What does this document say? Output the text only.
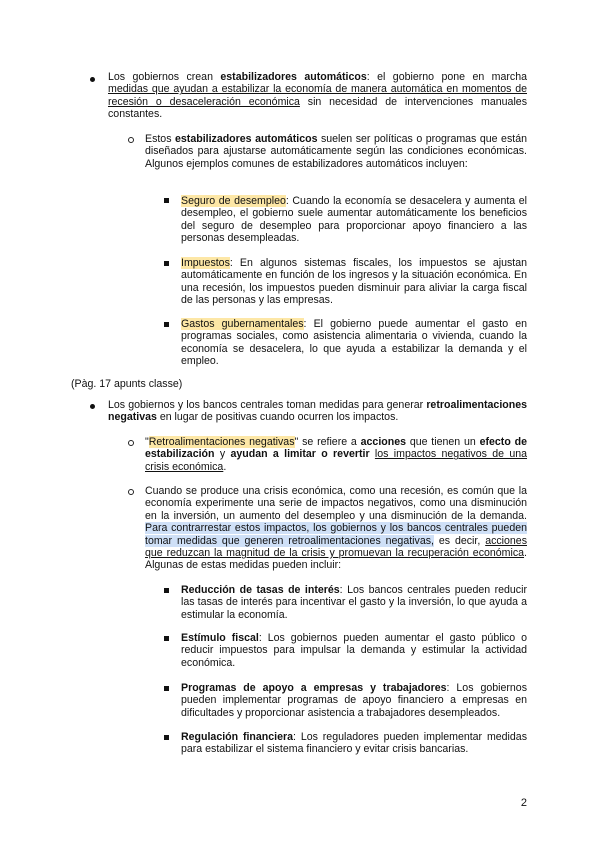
Los gobiernos crean estabilizadores automáticos: el gobierno pone en marcha medidas que ayudan a estabilizar la economía de manera automática en momentos de recesión o desaceleración económica sin necesidad de intervenciones manuales constantes.

Estos estabilizadores automáticos suelen ser políticas o programas que están diseñados para ajustarse automáticamente según las condiciones económicas. Algunos ejemplos comunes de estabilizadores automáticos incluyen:

Seguro de desempleo: Cuando la economía se desacelera y aumenta el desempleo, el gobierno suele aumentar automáticamente los beneficios del seguro de desempleo para proporcionar apoyo financiero a las personas desempleadas.

Impuestos: En algunos sistemas fiscales, los impuestos se ajustan automáticamente en función de los ingresos y la situación económica. En una recesión, los impuestos pueden disminuir para aliviar la carga fiscal de las personas y las empresas.

Gastos gubernamentales: El gobierno puede aumentar el gasto en programas sociales, como asistencia alimentaria o vivienda, cuando la economía se desacelera, lo que ayuda a estabilizar la demanda y el empleo.

(Pàg. 17 apunts classe)

Los gobiernos y los bancos centrales toman medidas para generar retroalimentaciones negativas en lugar de positivas cuando ocurren los impactos.

"Retroalimentaciones negativas" se refiere a acciones que tienen un efecto de estabilización y ayudan a limitar o revertir los impactos negativos de una crisis económica.

Cuando se produce una crisis económica, como una recesión, es común que la economía experimente una serie de impactos negativos, como una disminución en la inversión, un aumento del desempleo y una disminución de la demanda. Para contrarrestar estos impactos, los gobiernos y los bancos centrales pueden tomar medidas que generen retroalimentaciones negativas, es decir, acciones que reduzcan la magnitud de la crisis y promuevan la recuperación económica. Algunas de estas medidas pueden incluir:

Reducción de tasas de interés: Los bancos centrales pueden reducir las tasas de interés para incentivar el gasto y la inversión, lo que ayuda a estimular la economía.

Estímulo fiscal: Los gobiernos pueden aumentar el gasto público o reducir impuestos para impulsar la demanda y estimular la actividad económica.

Programas de apoyo a empresas y trabajadores: Los gobiernos pueden implementar programas de apoyo financiero a empresas en dificultades y proporcionar asistencia a trabajadores desempleados.

Regulación financiera: Los reguladores pueden implementar medidas para estabilizar el sistema financiero y evitar crisis bancarias.

2
